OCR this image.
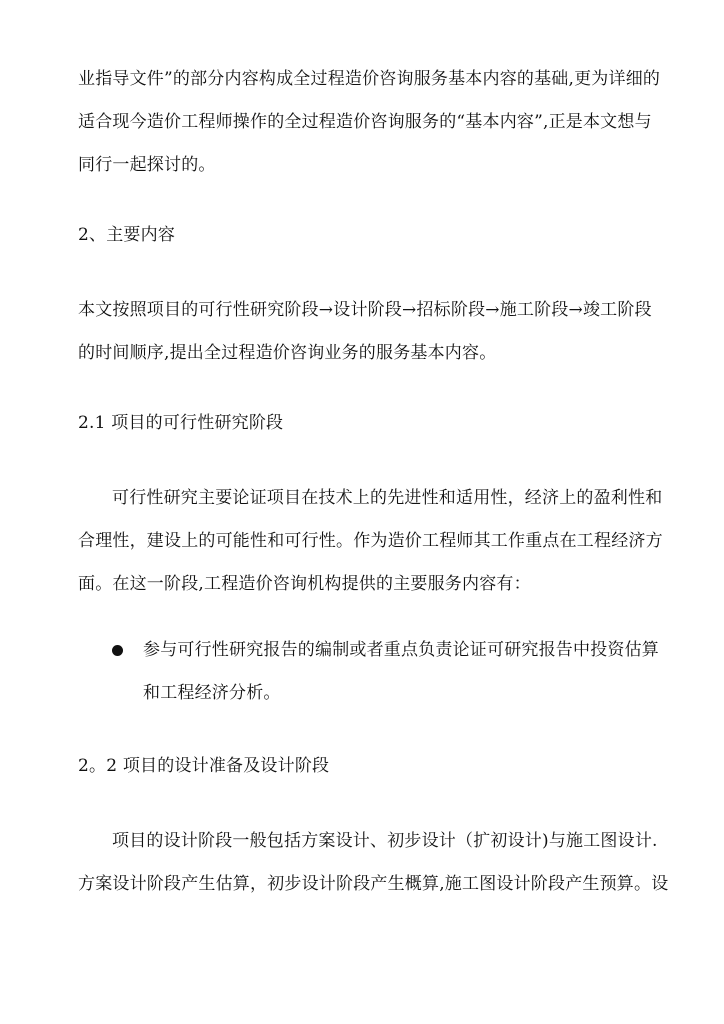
业指导文件”的部分内容构成全过程造价咨询服务基本内容的基础,更为详细的
适合现今造价工程师操作的全过程造价咨询服务的“基本内容”,正是本文想与
同行一起探讨的。
2、主要内容
本文按照项目的可行性研究阶段→设计阶段→招标阶段→施工阶段→竣工阶段
的时间顺序,提出全过程造价咨询业务的服务基本内容。
2.1 项目的可行性研究阶段
可行性研究主要论证项目在技术上的先进性和适用性，经济上的盈利性和
合理性，建设上的可能性和可行性。作为造价工程师其工作重点在工程经济方
面。在这一阶段,工程造价咨询机构提供的主要服务内容有：
参与可行性研究报告的编制或者重点负责论证可研究报告中投资估算
和工程经济分析。
2。2 项目的设计准备及设计阶段
项目的设计阶段一般包括方案设计、初步设计（扩初设计)与施工图设计.
方案设计阶段产生估算，初步设计阶段产生概算,施工图设计阶段产生预算。设
